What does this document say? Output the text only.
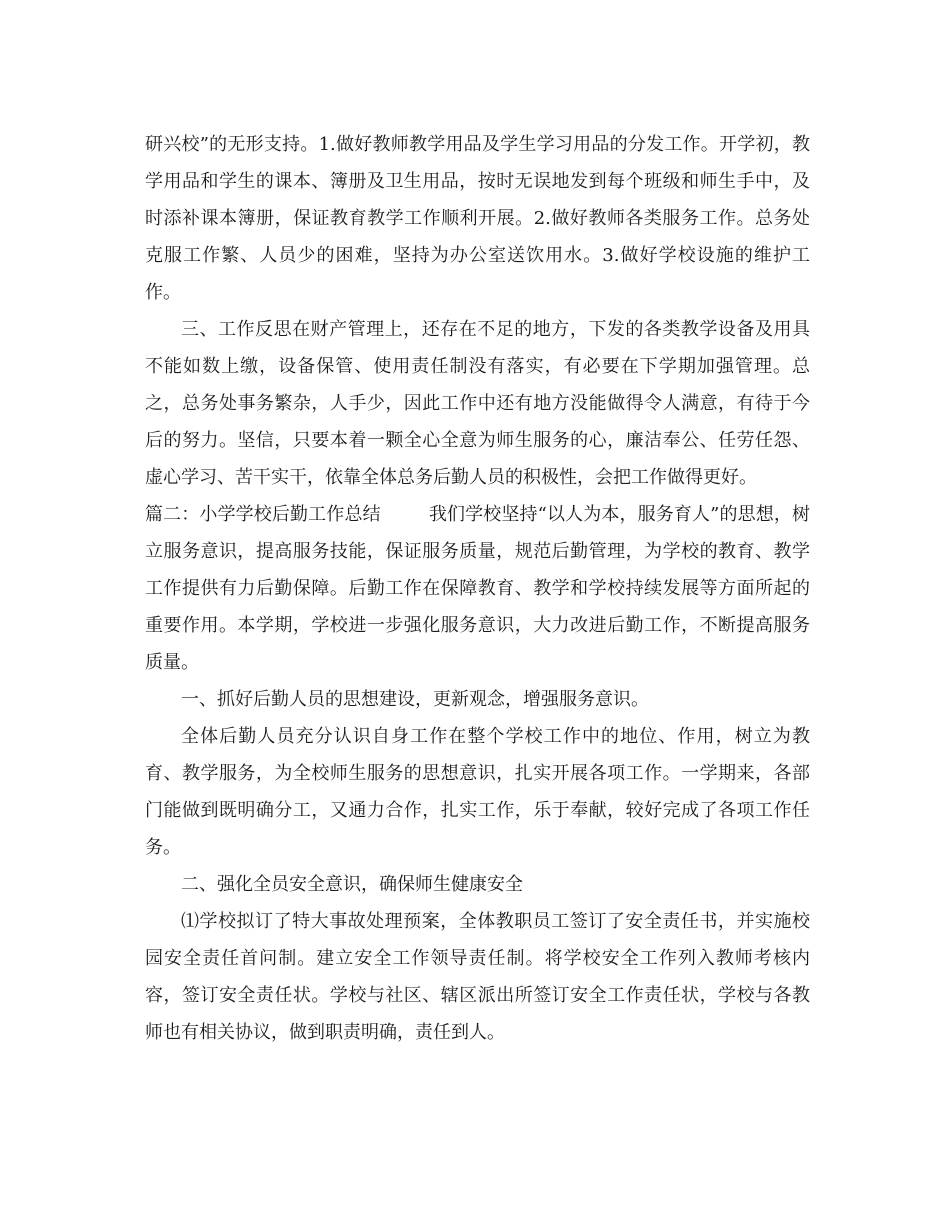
研兴校”的无形支持。1.做好教师教学用品及学生学习用品的分发工作。开学初，教学用品和学生的课本、簿册及卫生用品，按时无误地发到每个班级和师生手中，及时添补课本簿册，保证教育教学工作顺利开展。2.做好教师各类服务工作。总务处克服工作繁、人员少的困难，坚持为办公室送饮用水。3.做好学校设施的维护工作。

三、工作反思在财产管理上，还存在不足的地方，下发的各类教学设备及用具不能如数上缴，设备保管、使用责任制没有落实，有必要在下学期加强管理。总之，总务处事务繁杂，人手少，因此工作中还有地方没能做得令人满意，有待于今后的努力。坚信，只要本着一颗全心全意为师生服务的心，廉洁奉公、任劳任怨、虚心学习、苦干实干，依靠全体总务后勤人员的积极性，会把工作做得更好。

篇二：小学学校后勤工作总结	我们学校坚持“以人为本，服务育人”的思想，树立服务意识，提高服务技能，保证服务质量，规范后勤管理，为学校的教育、教学工作提供有力后勤保障。后勤工作在保障教育、教学和学校持续发展等方面所起的重要作用。本学期，学校进一步强化服务意识，大力改进后勤工作，不断提高服务质量。

一、抓好后勤人员的思想建设，更新观念，增强服务意识。

全体后勤人员充分认识自身工作在整个学校工作中的地位、作用，树立为教育、教学服务，为全校师生服务的思想意识，扎实开展各项工作。一学期来，各部门能做到既明确分工，又通力合作，扎实工作，乐于奉献，较好完成了各项工作任务。

二、强化全员安全意识，确保师生健康安全

⑴学校拟订了特大事故处理预案，全体教职员工签订了安全责任书，并实施校园安全责任首问制。建立安全工作领导责任制。将学校安全工作列入教师考核内容，签订安全责任状。学校与社区、辖区派出所签订安全工作责任状，学校与各教师也有相关协议，做到职责明确，责任到人。
